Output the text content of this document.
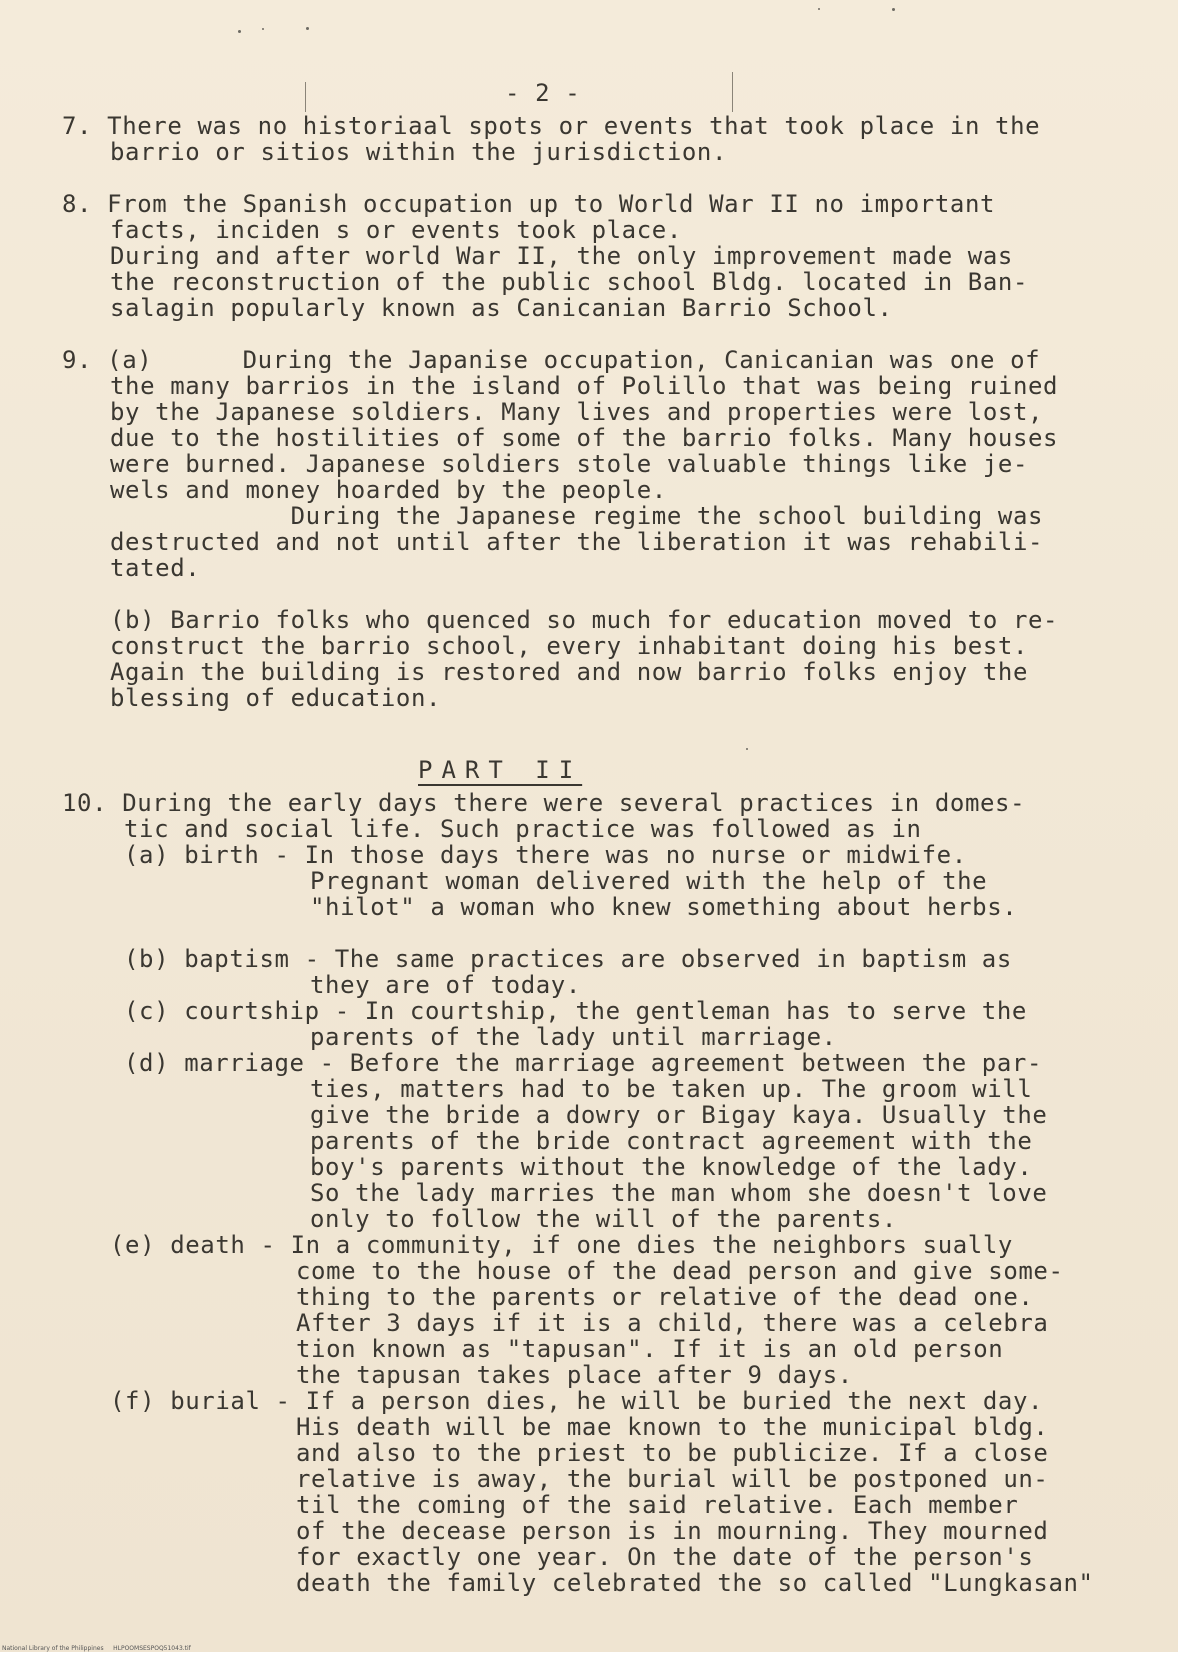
- 2 -
7. There was no historiaal spots or events that took place in the
barrio or sitios within the jurisdiction.
8. From the Spanish occupation up to World War II no important
facts, inciden s or events took place.
During and after world War II, the only improvement made was
the reconstruction of the public school Bldg. located in Ban-
salagin popularly known as Canicanian Barrio School.
9. (a)      During the Japanise occupation, Canicanian was one of
the many barrios in the island of Polillo that was being ruined
by the Japanese soldiers. Many lives and properties were lost,
due to the hostilities of some of the barrio folks. Many houses
were burned. Japanese soldiers stole valuable things like je-
wels and money hoarded by the people.
During the Japanese regime the school building was
destructed and not until after the liberation it was rehabili-
tated.
(b) Barrio folks who quenced so much for education moved to re-
construct the barrio school, every inhabitant doing his best.
Again the building is restored and now barrio folks enjoy the
blessing of education.
10. During the early days there were several practices in domes-
tic and social life. Such practice was followed as in
(a) birth - In those days there was no nurse or midwife.
Pregnant woman delivered with the help of the
"hilot" a woman who knew something about herbs.
(b) baptism - The same practices are observed in baptism as
they are of today.
(c) courtship - In courtship, the gentleman has to serve the
parents of the lady until marriage.
(d) marriage - Before the marriage agreement between the par-
ties, matters had to be taken up. The groom will
give the bride a dowry or Bigay kaya. Usually the
parents of the bride contract agreement with the
boy's parents without the knowledge of the lady.
So the lady marries the man whom she doesn't love
only to follow the will of the parents.
(e) death - In a community, if one dies the neighbors sually
come to the house of the dead person and give some-
thing to the parents or relative of the dead one.
After 3 days if it is a child, there was a celebra
tion known as "tapusan". If it is an old person
the tapusan takes place after 9 days.
(f) burial - If a person dies, he will be buried the next day.
His death will be mae known to the municipal bldg.
and also to the priest to be publicize. If a close
relative is away, the burial will be postponed un-
til the coming of the said relative. Each member
of the decease person is in mourning. They mourned
for exactly one year. On the date of the person's
death the family celebrated the so called "Lungkasan"
PART II
National Library of the Philippines     HLPOOMSESPOQ51043.tif
